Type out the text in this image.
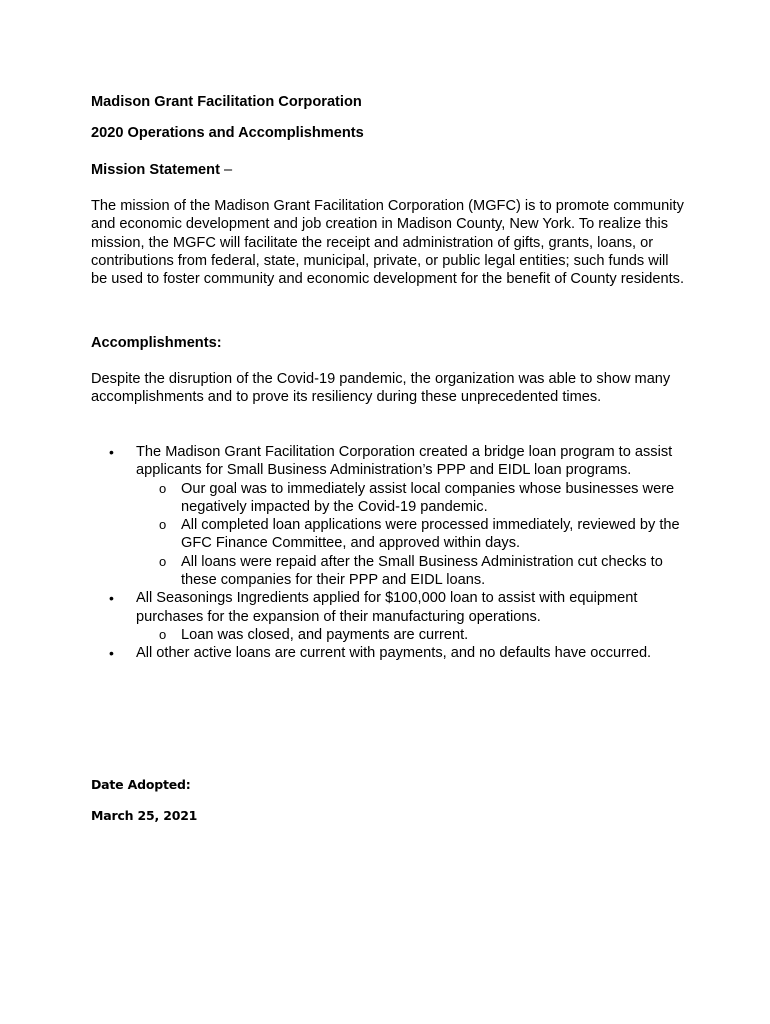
Madison Grant Facilitation Corporation
2020 Operations and Accomplishments
Mission Statement –

The mission of the Madison Grant Facilitation Corporation (MGFC) is to promote community and economic development and job creation in Madison County, New York. To realize this mission, the MGFC will facilitate the receipt and administration of gifts, grants, loans, or contributions from federal, state, municipal, private, or public legal entities; such funds will be used to foster community and economic development for the benefit of County residents.

Accomplishments:

Despite the disruption of the Covid-19 pandemic, the organization was able to show many accomplishments and to prove its resiliency during these unprecedented times.

• The Madison Grant Facilitation Corporation created a bridge loan program to assist applicants for Small Business Administration’s PPP and EIDL loan programs.
o Our goal was to immediately assist local companies whose businesses were negatively impacted by the Covid-19 pandemic.
o All completed loan applications were processed immediately, reviewed by the GFC Finance Committee, and approved within days.
o All loans were repaid after the Small Business Administration cut checks to these companies for their PPP and EIDL loans.
• All Seasonings Ingredients applied for $100,000 loan to assist with equipment purchases for the expansion of their manufacturing operations.
o Loan was closed, and payments are current.
• All other active loans are current with payments, and no defaults have occurred.
Date Adopted:
March 25, 2021
